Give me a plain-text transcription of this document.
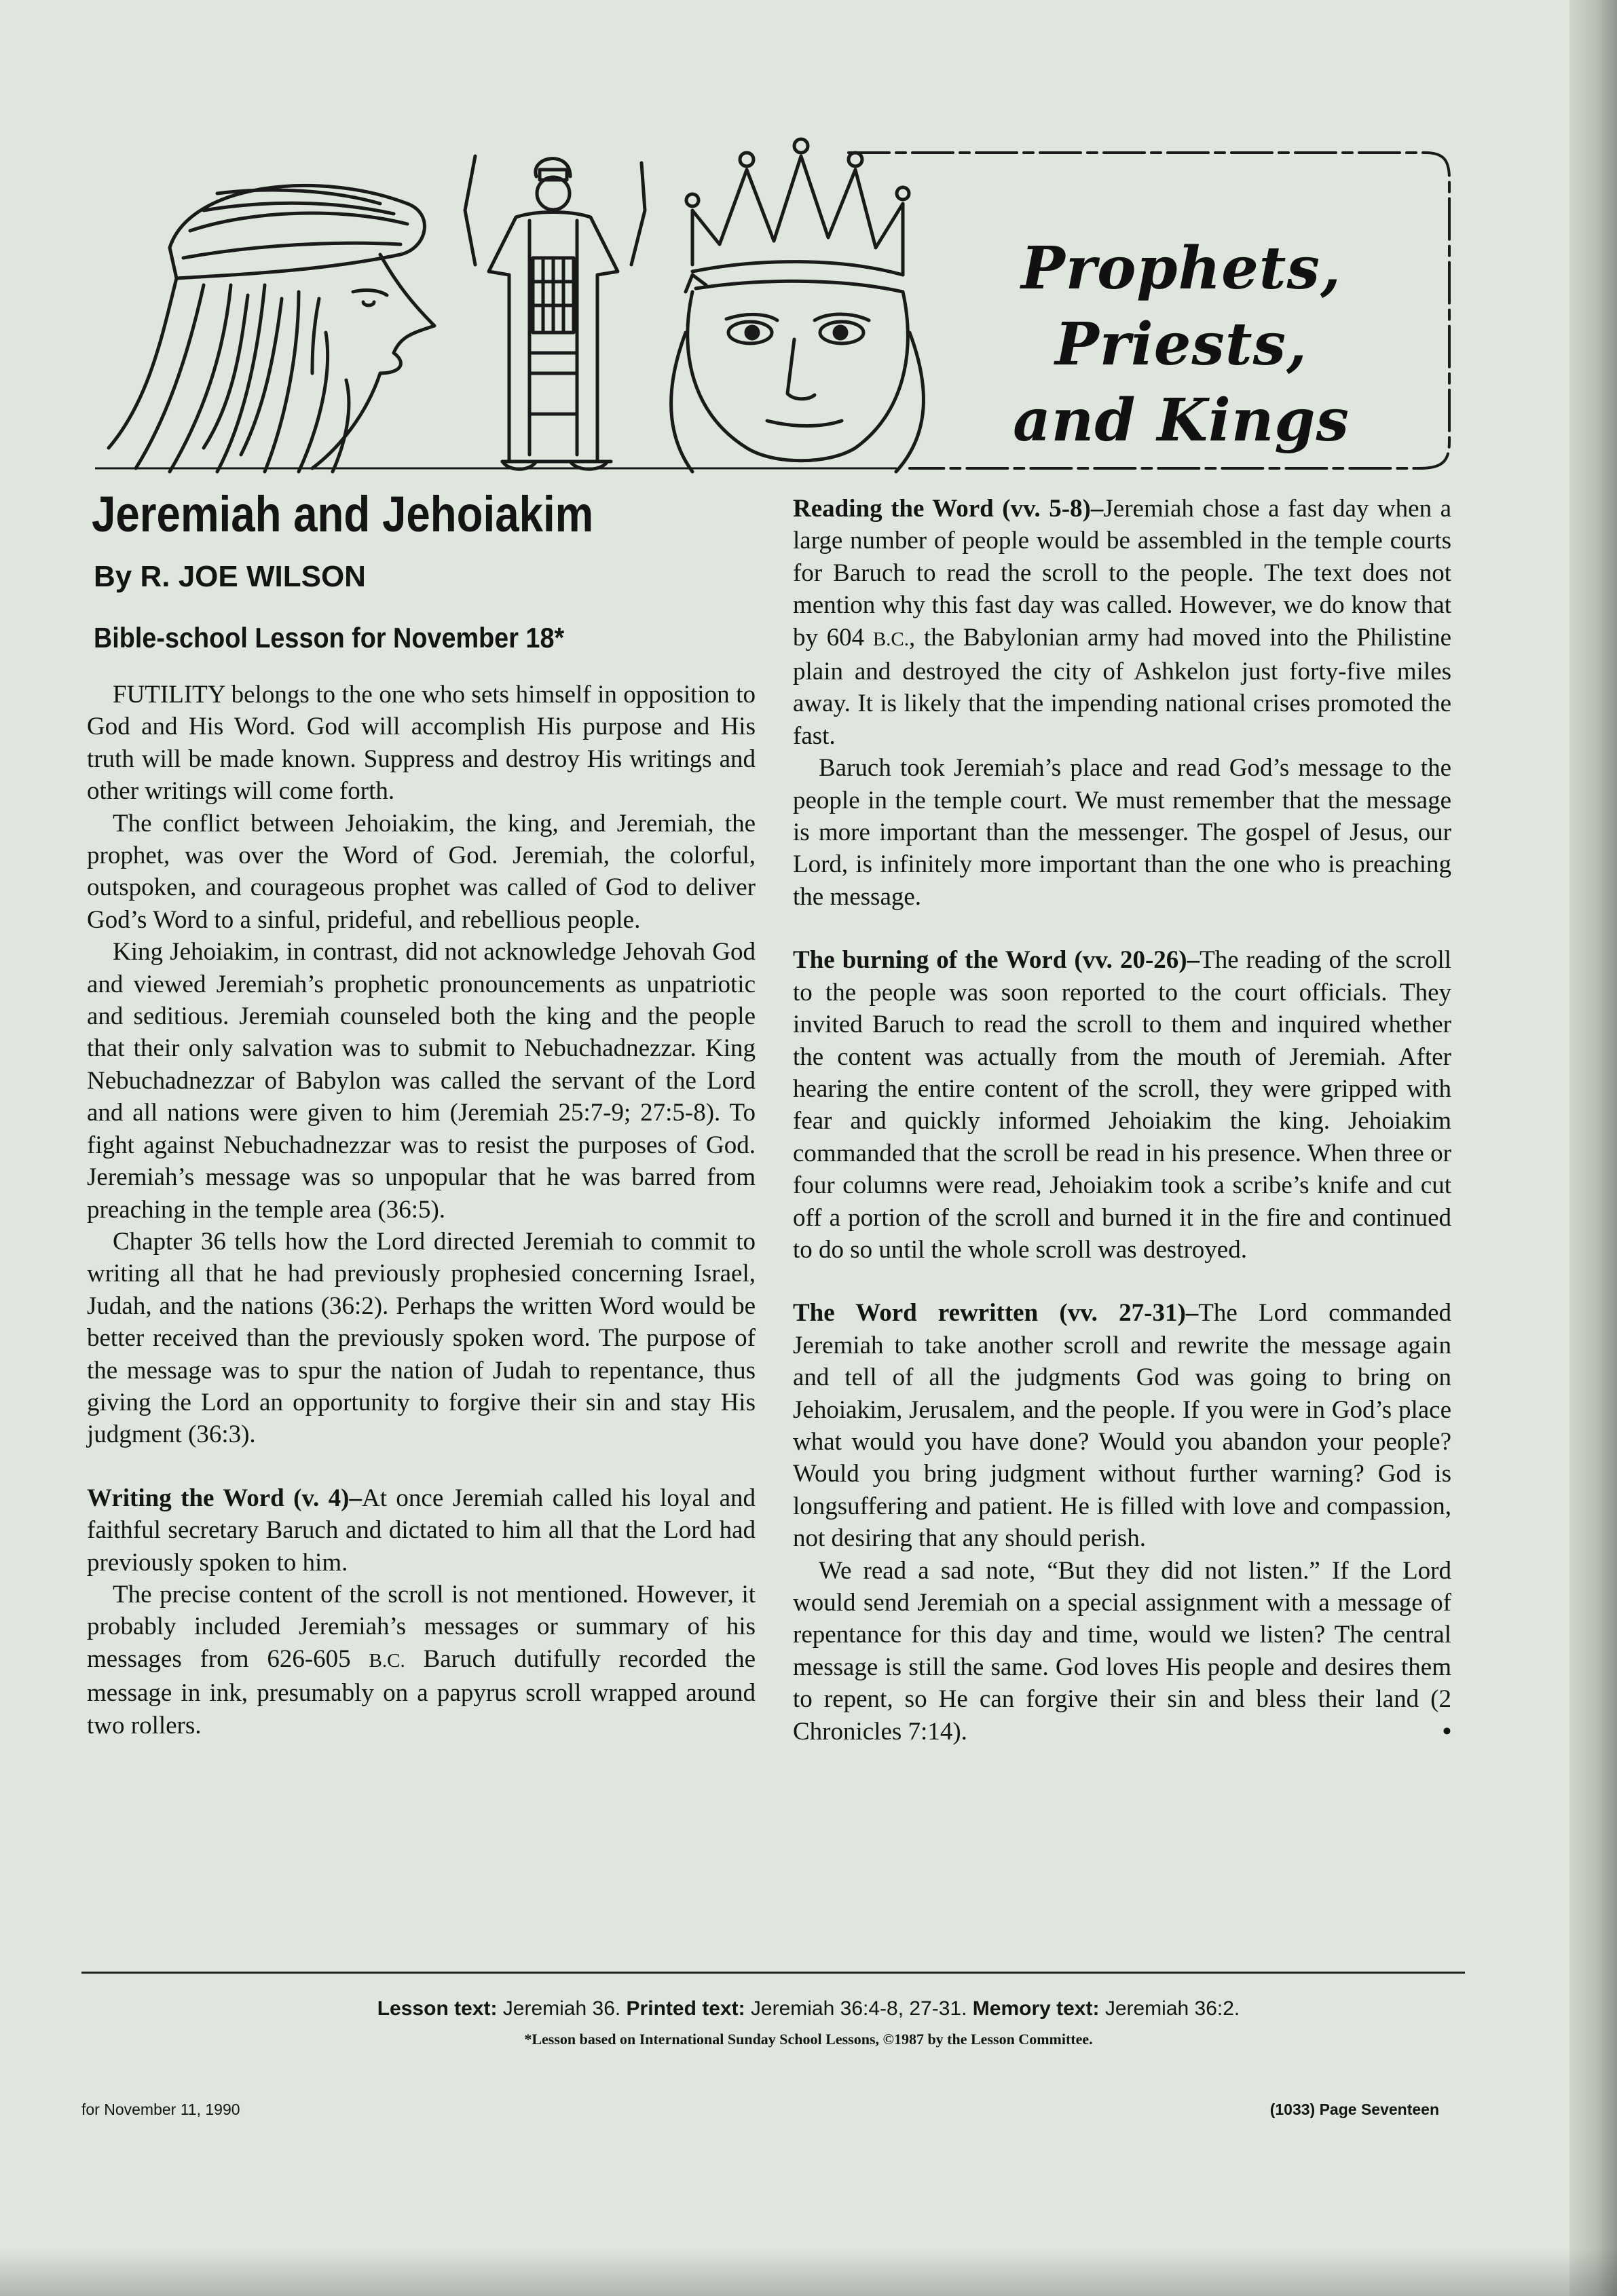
Prophets, Priests,
and Kings
Jeremiah and Jehoiakim
By R. JOE WILSON
Bible-school Lesson for November 18*

FUTILITY belongs to the one who sets himself in opposition to God and His Word. God will accomplish His purpose and His truth will be made known. Suppress and destroy His writings and other writings will come forth.

The conflict between Jehoiakim, the king, and Jeremiah, the prophet, was over the Word of God. Jeremiah, the colorful, outspoken, and courageous prophet was called of God to deliver God’s Word to a sinful, prideful, and rebellious people.

King Jehoiakim, in contrast, did not acknowledge Jehovah God and viewed Jeremiah’s prophetic pronouncements as unpatriotic and seditious. Jeremiah counseled both the king and the people that their only salvation was to submit to Nebuchadnezzar. King Nebuchadnezzar of Babylon was called the servant of the Lord and all nations were given to him (Jeremiah 25:7-9; 27:5-8). To fight against Nebuchadnezzar was to resist the purposes of God. Jeremiah’s message was so unpopular that he was barred from preaching in the temple area (36:5).

Chapter 36 tells how the Lord directed Jeremiah to commit to writing all that he had previously prophesied concerning Israel, Judah, and the nations (36:2). Perhaps the written Word would be better received than the previously spoken word. The purpose of the message was to spur the nation of Judah to repentance, thus giving the Lord an opportunity to forgive their sin and stay His judgment (36:3).

Writing the Word (v. 4)–At once Jeremiah called his loyal and faithful secretary Baruch and dictated to him all that the Lord had previously spoken to him.

The precise content of the scroll is not mentioned. However, it probably included Jeremiah’s messages or summary of his messages from 626-605 B.C. Baruch dutifully recorded the message in ink, presumably on a papyrus scroll wrapped around two rollers.

Reading the Word (vv. 5-8)–Jeremiah chose a fast day when a large number of people would be assembled in the temple courts for Baruch to read the scroll to the people. The text does not mention why this fast day was called. However, we do know that by 604 B.C., the Babylonian army had moved into the Philistine plain and destroyed the city of Ashkelon just forty-five miles away. It is likely that the impending national crises promoted the fast.

Baruch took Jeremiah’s place and read God’s message to the people in the temple court. We must remember that the message is more important than the messenger. The gospel of Jesus, our Lord, is infinitely more important than the one who is preaching the message.

The burning of the Word (vv. 20-26)–The reading of the scroll to the people was soon reported to the court officials. They invited Baruch to read the scroll to them and inquired whether the content was actually from the mouth of Jeremiah. After hearing the entire content of the scroll, they were gripped with fear and quickly informed Jehoiakim the king. Jehoiakim commanded that the scroll be read in his presence. When three or four columns were read, Jehoiakim took a scribe’s knife and cut off a portion of the scroll and burned it in the fire and continued to do so until the whole scroll was destroyed.

The Word rewritten (vv. 27-31)–The Lord commanded Jeremiah to take another scroll and rewrite the message again and tell of all the judgments God was going to bring on Jehoiakim, Jerusalem, and the people. If you were in God’s place what would you have done? Would you abandon your people? Would you bring judgment without further warning? God is longsuffering and patient. He is filled with love and compassion, not desiring that any should perish.

We read a sad note, “But they did not listen.” If the Lord would send Jeremiah on a special assignment with a message of repentance for this day and time, would we listen? The central message is still the same. God loves His people and desires them to repent, so He can forgive their sin and bless their land (2 Chronicles 7:14).	•

Lesson text: Jeremiah 36. Printed text: Jeremiah 36:4-8, 27-31. Memory text: Jeremiah 36:2.
*Lesson based on International Sunday School Lessons, ©1987 by the Lesson Committee.
for November 11, 1990	(1033) Page Seventeen
